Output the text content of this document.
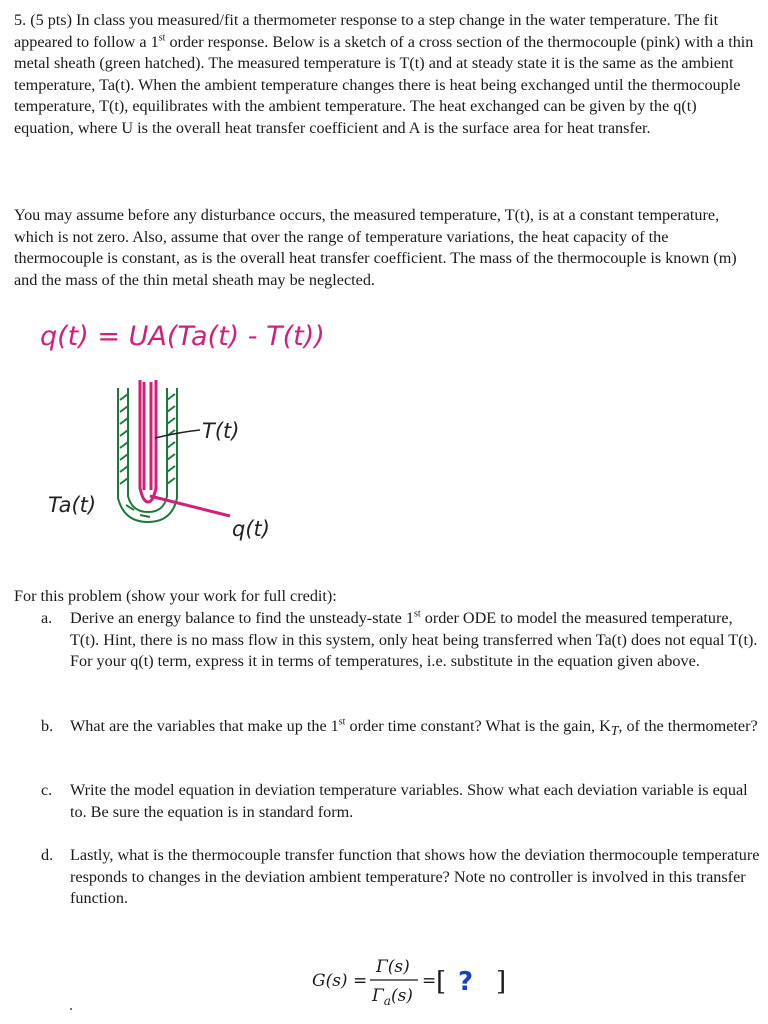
5. (5 pts) In class you measured/fit a thermometer response to a step change in the water temperature. The fit appeared to follow a 1st order response. Below is a sketch of a cross section of the thermocouple (pink) with a thin metal sheath (green hatched). The measured temperature is T(t) and at steady state it is the same as the ambient temperature, Ta(t). When the ambient temperature changes there is heat being exchanged until the thermocouple temperature, T(t), equilibrates with the ambient temperature. The heat exchanged can be given by the q(t) equation, where U is the overall heat transfer coefficient and A is the surface area for heat transfer.

You may assume before any disturbance occurs, the measured temperature, T(t), is at a constant temperature, which is not zero. Also, assume that over the range of temperature variations, the heat capacity of the thermocouple is constant, as is the overall heat transfer coefficient. The mass of the thermocouple is known (m) and the mass of the thin metal sheath may be neglected.

q(t) = UA(Ta(t) - T(t))
T(t)
Ta(t)
q(t)

For this problem (show your work for full credit):

a.	Derive an energy balance to find the unsteady-state 1st order ODE to model the measured temperature, T(t). Hint, there is no mass flow in this system, only heat being transferred when Ta(t) does not equal T(t). For your q(t) term, express it in terms of temperatures, i.e. substitute in the equation given above.
b.	What are the variables that make up the 1st order time constant? What is the gain, $K_T$, of the thermometer?
c.	Write the model equation in deviation temperature variables. Show what each deviation variable is equal to. Be sure the equation is in standard form.
d.	Lastly, what is the thermocouple transfer function that shows how the deviation thermocouple temperature responds to changes in the deviation ambient temperature? Note no controller is involved in this transfer function.
G(s) =
Γ(s)
$\Gamma_a(s)$
= [ ? ]
